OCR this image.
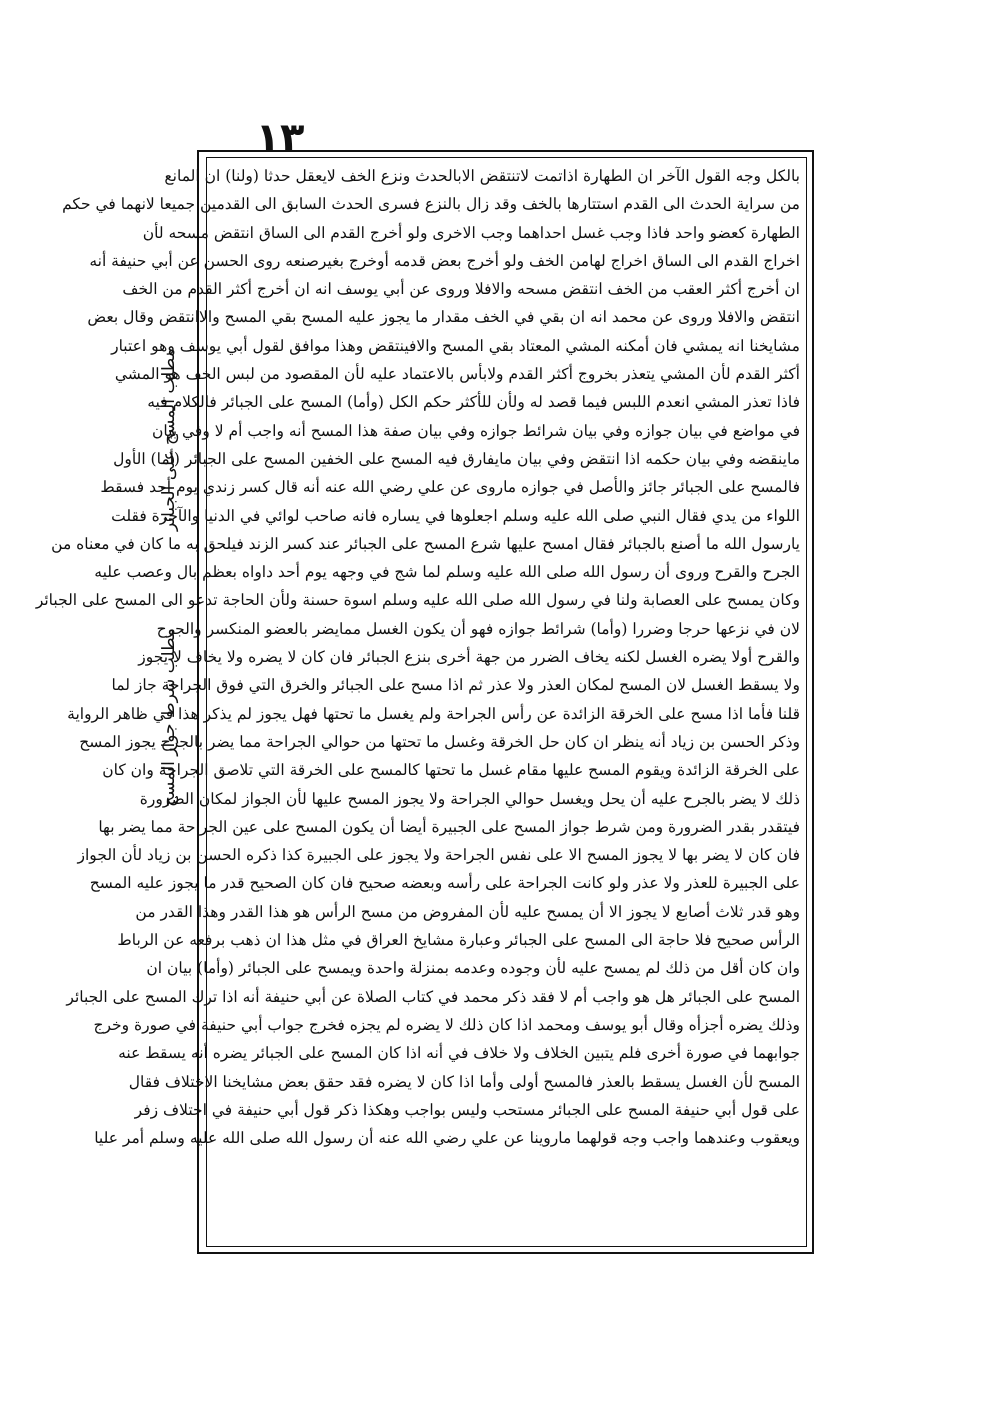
١٣
مطلب المسح على الجبائر
مطلب شرط جواز المسح
بالكل وجه القول الآخر ان الطهارة اذاتمت لاتنتقض الابالحدث ونزع الخف لايعقل حدثا (ولنا) ان المانع
من سراية الحدث الى القدم استتارها بالخف وقد زال بالنزع فسرى الحدث السابق الى القدمين جميعا لانهما في حكم
الطهارة كعضو واحد فاذا وجب غسل احداهما وجب الاخرى ولو أخرج القدم الى الساق انتقض مسحه لأن
اخراج القدم الى الساق اخراج لهامن الخف ولو أخرج بعض قدمه أوخرج بغيرصنعه روى الحسن عن أبي حنيفة أنه
ان أخرج أكثر العقب من الخف انتقض مسحه والافلا وروى عن أبي يوسف انه ان أخرج أكثر القدم من الخف
انتقض والافلا وروى عن محمد انه ان بقي في الخف مقدار ما يجوز عليه المسح بقي المسح والاانتقض وقال بعض
مشايخنا انه يمشي فان أمكنه المشي المعتاد بقي المسح والافينتقض وهذا موافق لقول أبي يوسف وهو اعتبار
أكثر القدم لأن المشي يتعذر بخروج أكثر القدم ولابأس بالاعتماد عليه لأن المقصود من لبس الخف هو المشي
فاذا تعذر المشي انعدم اللبس فيما قصد له ولأن للأكثر حكم الكل (وأما) المسح على الجبائر فالكلام فيه
في مواضع في بيان جوازه وفي بيان شرائط جوازه وفي بيان صفة هذا المسح أنه واجب أم لا وفي بيان
ماينقضه وفي بيان حكمه اذا انتقض وفي بيان مايفارق فيه المسح على الخفين المسح على الجبائر (أما) الأول
فالمسح على الجبائر جائز والأصل في جوازه ماروى عن علي رضي الله عنه أنه قال كسر زندي يوم أحد فسقط
اللواء من يدي فقال النبي صلى الله عليه وسلم اجعلوها في يساره فانه صاحب لوائي في الدنيا والآخرة فقلت
يارسول الله ما أصنع بالجبائر فقال امسح عليها شرع المسح على الجبائر عند كسر الزند فيلحق به ما كان في معناه من
الجرح والقرح وروى أن رسول الله صلى الله عليه وسلم لما شج في وجهه يوم أحد داواه بعظم بال وعصب عليه
وكان يمسح على العصابة ولنا في رسول الله صلى الله عليه وسلم اسوة حسنة ولأن الحاجة تدعو الى المسح على الجبائر
لان في نزعها حرجا وضررا (وأما) شرائط جوازه فهو أن يكون الغسل ممايضر بالعضو المنكسر والجرح
والقرح أولا يضره الغسل لكنه يخاف الضرر من جهة أخرى بنزع الجبائر فان كان لا يضره ولا يخاف لا يجوز
ولا يسقط الغسل لان المسح لمكان العذر ولا عذر ثم اذا مسح على الجبائر والخرق التي فوق الجراحة جاز لما
قلنا فأما اذا مسح على الخرقة الزائدة عن رأس الجراحة ولم يغسل ما تحتها فهل يجوز لم يذكر هذا في ظاهر الرواية
وذكر الحسن بن زياد أنه ينظر ان كان حل الخرقة وغسل ما تحتها من حوالي الجراحة مما يضر بالجرح يجوز المسح
على الخرقة الزائدة ويقوم المسح عليها مقام غسل ما تحتها كالمسح على الخرقة التي تلاصق الجراحة وان كان
ذلك لا يضر بالجرح عليه أن يحل ويغسل حوالي الجراحة ولا يجوز المسح عليها لأن الجواز لمكان الضرورة
فيتقدر بقدر الضرورة ومن شرط جواز المسح على الجبيرة أيضا أن يكون المسح على عين الجراحة مما يضر بها
فان كان لا يضر بها لا يجوز المسح الا على نفس الجراحة ولا يجوز على الجبيرة كذا ذكره الحسن بن زياد لأن الجواز
على الجبيرة للعذر ولا عذر ولو كانت الجراحة على رأسه وبعضه صحيح فان كان الصحيح قدر ما يجوز عليه المسح
وهو قدر ثلاث أصابع لا يجوز الا أن يمسح عليه لأن المفروض من مسح الرأس هو هذا القدر وهذا القدر من
الرأس صحيح فلا حاجة الى المسح على الجبائر وعبارة مشايخ العراق في مثل هذا ان ذهب برفعه عن الرباط
وان كان أقل من ذلك لم يمسح عليه لأن وجوده وعدمه بمنزلة واحدة ويمسح على الجبائر (وأما) بيان ان
المسح على الجبائر هل هو واجب أم لا فقد ذكر محمد في كتاب الصلاة عن أبي حنيفة أنه اذا ترك المسح على الجبائر
وذلك يضره أجزأه وقال أبو يوسف ومحمد اذا كان ذلك لا يضره لم يجزه فخرج جواب أبي حنيفة في صورة وخرج
جوابهما في صورة أخرى فلم يتبين الخلاف ولا خلاف في أنه اذا كان المسح على الجبائر يضره أنه يسقط عنه
المسح لأن الغسل يسقط بالعذر فالمسح أولى وأما اذا كان لا يضره فقد حقق بعض مشايخنا الاختلاف فقال
على قول أبي حنيفة المسح على الجبائر مستحب وليس بواجب وهكذا ذكر قول أبي حنيفة في اختلاف زفر
ويعقوب وعندهما واجب وجه قولهما ماروينا عن علي رضي الله عنه أن رسول الله صلى الله عليه وسلم أمر عليا
